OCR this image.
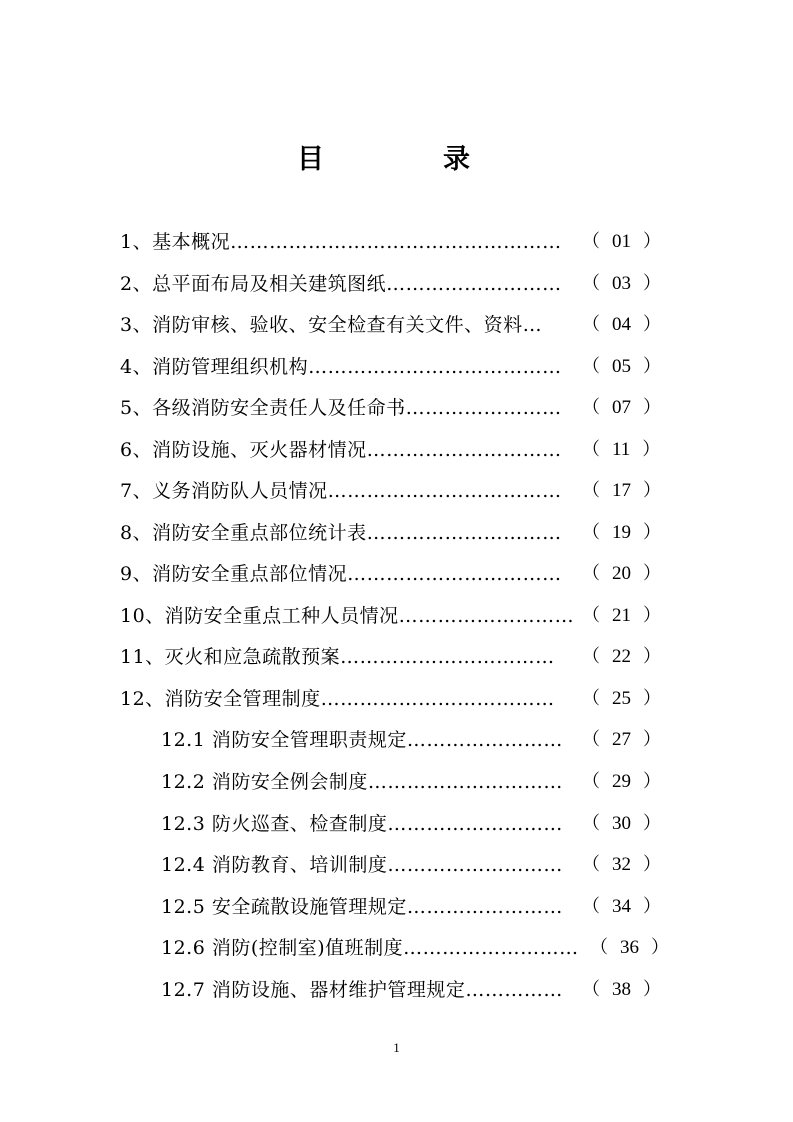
目	录
1、基本概况…………………………………………… （ 01 ）
2、总平面布局及相关建筑图纸……………………… （ 03 ）
3、消防审核、验收、安全检查有关文件、资料… （ 04 ）
4、消防管理组织机构………………………………… （ 05 ）
5、各级消防安全责任人及任命书…………………… （ 07 ）
6、消防设施、灭火器材情况………………………… （ 11 ）
7、义务消防队人员情况……………………………… （ 17 ）
8、消防安全重点部位统计表………………………… （ 19 ）
9、消防安全重点部位情况…………………………… （ 20 ）
10、消防安全重点工种人员情况……………………… （ 21 ）
11、灭火和应急疏散预案…………………………… （ 22 ）
12、消防安全管理制度……………………………… （ 25 ）
12.1 消防安全管理职责规定…………………… （ 27 ）
12.2 消防安全例会制度………………………… （ 29 ）
12.3 防火巡查、检查制度……………………… （ 30 ）
12.4 消防教育、培训制度……………………… （ 32 ）
12.5 安全疏散设施管理规定…………………… （ 34 ）
12.6 消防(控制室)值班制度……………………… （ 36 ）
12.7 消防设施、器材维护管理规定…………… （ 38 ）
1
